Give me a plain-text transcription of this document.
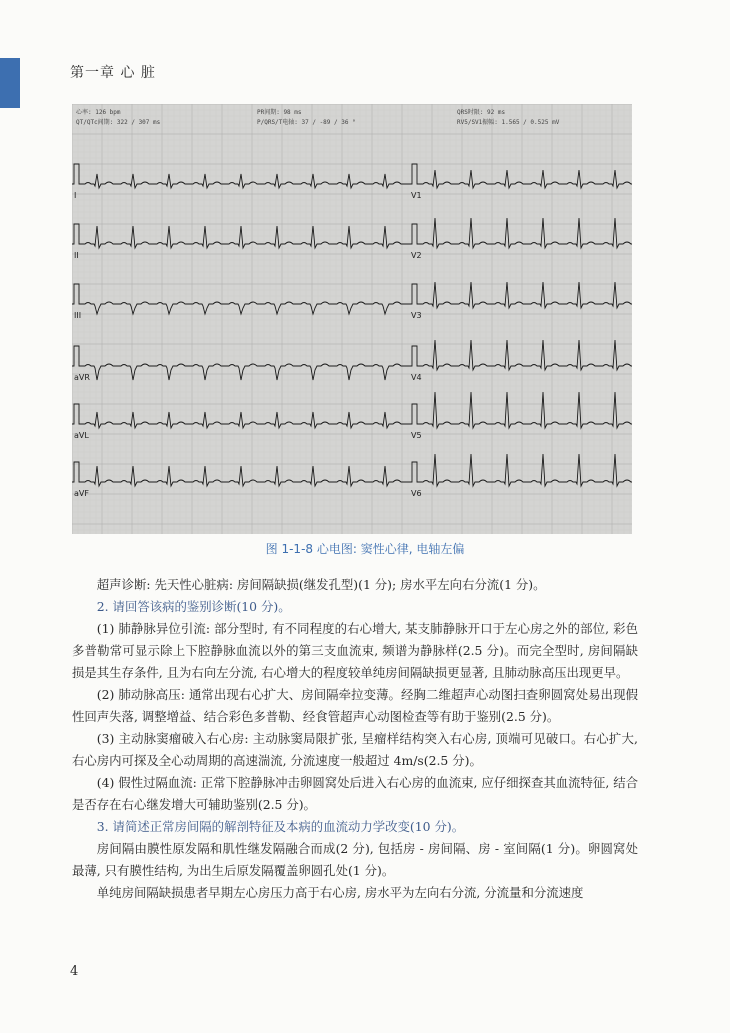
第一章 心 脏
心率: 126 bpm
QT/QTc间期: 322 / 307 ms
PR间期: 98 ms
P/QRS/T电轴: 37 / -89 / 36 °
QRS时限: 92 ms
RV5/SV1振幅: 1.565 / 0.525 mV
I	V1
II	V2
III	V3
aVR	V4
aVL	V5
aVF	V6
图 1-1-8 心电图: 窦性心律, 电轴左偏

超声诊断: 先天性心脏病: 房间隔缺损(继发孔型)(1 分); 房水平左向右分流(1 分)。

2. 请回答该病的鉴别诊断(10 分)。

(1) 肺静脉异位引流: 部分型时, 有不同程度的右心增大, 某支肺静脉开口于左心房之外的部位, 彩色多普勒常可显示除上下腔静脉血流以外的第三支血流束, 频谱为静脉样(2.5 分)。而完全型时, 房间隔缺损是其生存条件, 且为右向左分流, 右心增大的程度较单纯房间隔缺损更显著, 且肺动脉高压出现更早。

(2) 肺动脉高压: 通常出现右心扩大、房间隔牵拉变薄。经胸二维超声心动图扫查卵圆窝处易出现假性回声失落, 调整增益、结合彩色多普勒、经食管超声心动图检查等有助于鉴别(2.5 分)。

(3) 主动脉窦瘤破入右心房: 主动脉窦局限扩张, 呈瘤样结构突入右心房, 顶端可见破口。右心扩大, 右心房内可探及全心动周期的高速湍流, 分流速度一般超过 4m/s(2.5 分)。

(4) 假性过隔血流: 正常下腔静脉冲击卵圆窝处后进入右心房的血流束, 应仔细探查其血流特征, 结合是否存在右心继发增大可辅助鉴别(2.5 分)。

3. 请简述正常房间隔的解剖特征及本病的血流动力学改变(10 分)。

房间隔由膜性原发隔和肌性继发隔融合而成(2 分), 包括房 - 房间隔、房 - 室间隔(1 分)。卵圆窝处最薄, 只有膜性结构, 为出生后原发隔覆盖卵圆孔处(1 分)。

单纯房间隔缺损患者早期左心房压力高于右心房, 房水平为左向右分流, 分流量和分流速度

4
